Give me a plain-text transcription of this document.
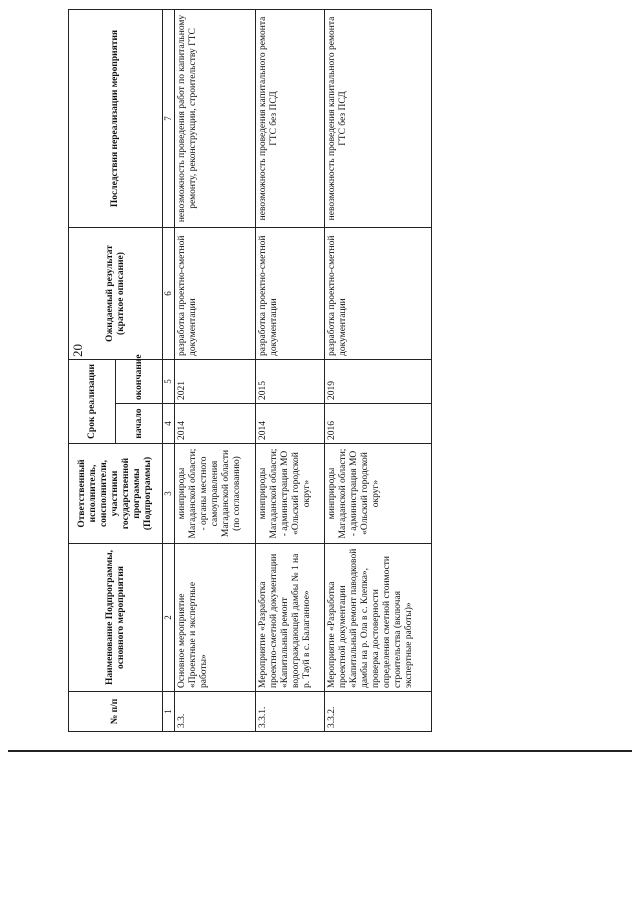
20
№ п/п	Наименование Подпрограммы, основного мероприятия	Ответственный исполнитель, соисполнители, участники государственной программы (Подпрограммы)	Срок реализации		Ожидаемый результат (краткое описание)	Последствия нереализации мероприятия
			начало	окончание		
1	2	3	4	5	6	7
3.3.	Основное мероприятие «Проектные и экспертные работы»	минприроды Магаданской области; - органы местного самоуправления Магаданской области (по согласованию)	2014	2021	разработка проектно-сметной документации	невозможность проведения работ по капитальному ремонту, реконструкции, строительству ГТС
3.3.1.	Мероприятие «Разработка проектно-сметной документации «Капитальный ремонт водоограждающей дамбы № 1 на р. Тауй в с. Балаганное»	минприроды Магаданской области; - администрация МО «Ольский городской округ»	2014	2015	разработка проектно-сметной документации	невозможность проведения капитального ремонта ГТС без ПСД
3.3.2.	Мероприятие «Разработка проектной документации «Капитальный ремонт паводковой дамбы на р. Ола в с. Клепка», проверка достоверности определения сметной стоимости строительства (включая экспертные работы)»	минприроды Магаданской области; - администрация МО «Ольский городской округ»	2016	2019	разработка проектно-сметной документации	невозможность проведения капитального ремонта ГТС без ПСД
